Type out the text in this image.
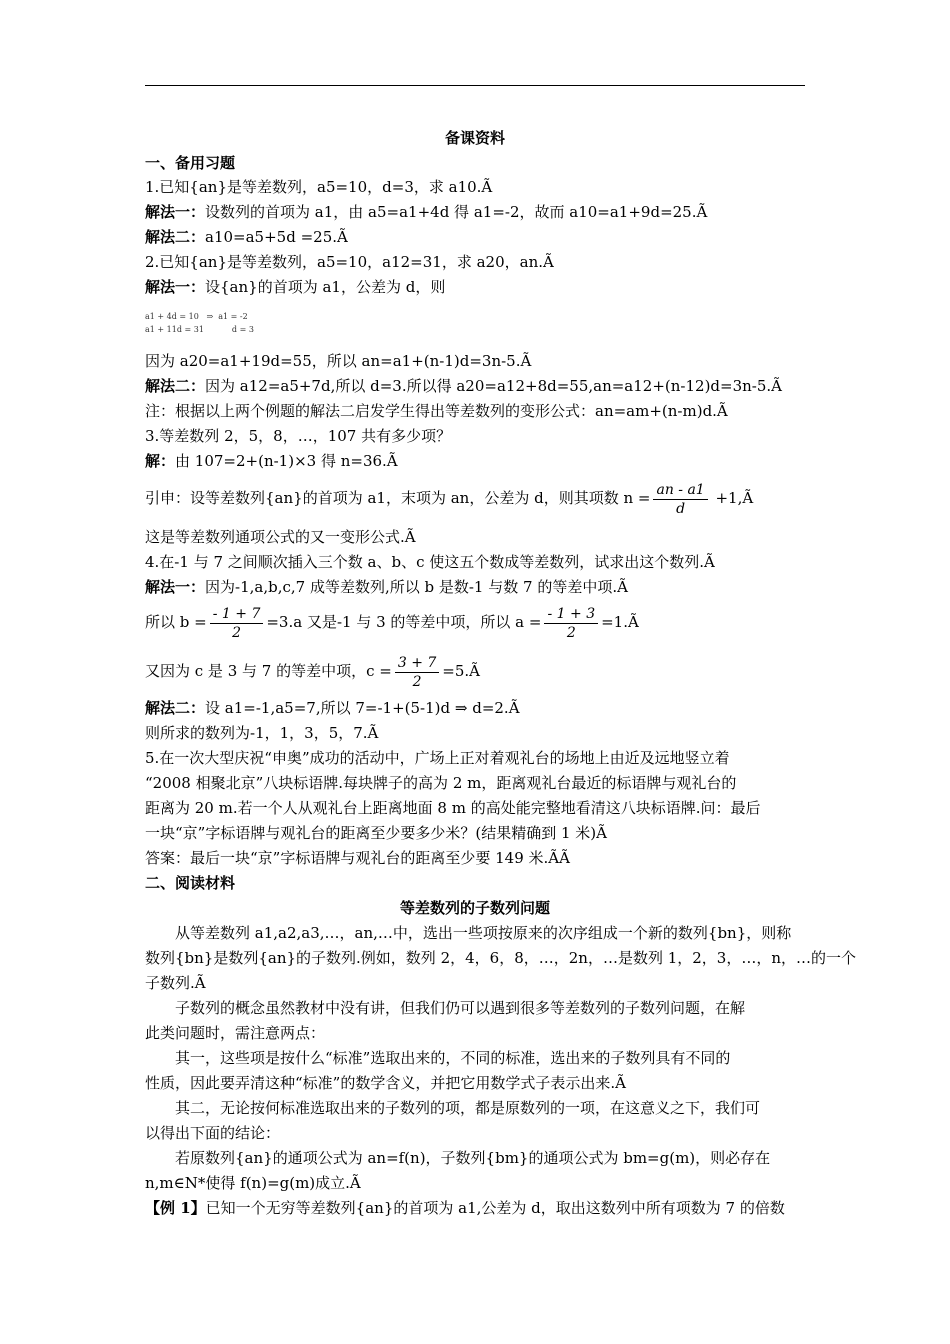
备课资料
一、备用习题
1.已知{an}是等差数列，a5=10，d=3，求 a10.Ã
解法一：设数列的首项为 a1，由 a5=a1+4d 得 a1=-2，故而 a10=a1+9d=25.Ã
解法二：a10=a5+5d =25.Ã
2.已知{an}是等差数列，a5=10，a12=31，求 a20，an.Ã
解法一：设{an}的首项为 a1，公差为 d，则
a1 + 4d = 10 ⇒ a1 = -2
a1 + 11d = 31	d = 3
因为 a20=a1+19d=55，所以 an=a1+(n-1)d=3n-5.Ã
解法二：因为 a12=a5+7d,所以 d=3.所以得 a20=a12+8d=55,an=a12+(n-12)d=3n-5.Ã
注：根据以上两个例题的解法二启发学生得出等差数列的变形公式：an=am+(n-m)d.Ã
3.等差数列 2，5，8，…，107 共有多少项？
解：由 107=2+(n-1)×3 得 n=36.Ã
引申：设等差数列{an}的首项为 a1，末项为 an，公差为 d，则其项数 $n = \frac{an - a1}{d}$ +1,Ã
这是等差数列通项公式的又一变形公式.Ã
4.在-1 与 7 之间顺次插入三个数 a、b、c 使这五个数成等差数列，试求出这个数列.Ã
解法一：因为-1,a,b,c,7 成等差数列,所以 b 是数-1 与数 7 的等差中项.Ã
所以 $b = \frac{- 1 + 7}{2} =3.a$ 又是-1 与 3 的等差中项，所以 $a = \frac{- 1 + 3}{2}$ =1.Ã
又因为 c 是 3 与 7 的等差中项，$c = \frac{3 + 7}{2}$ =5.Ã
解法二：设 a1=-1,a5=7,所以 7=-1+(5-1)d ⇒ d=2.Ã
则所求的数列为-1，1，3，5，7.Ã
5.在一次大型庆祝“申奥”成功的活动中，广场上正对着观礼台的场地上由近及远地竖立着
“2008 相聚北京”八块标语牌.每块牌子的高为 2 m，距离观礼台最近的标语牌与观礼台的
距离为 20 m.若一个人从观礼台上距离地面 8 m 的高处能完整地看清这八块标语牌.问：最后
一块“京”字标语牌与观礼台的距离至少要多少米？(结果精确到 1 米)Ã
答案：最后一块“京”字标语牌与观礼台的距离至少要 149 米.ÃÃ
二、阅读材料
等差数列的子数列问题
　　从等差数列 a1,a2,a3,…，an,…中，选出一些项按原来的次序组成一个新的数列{bn}，则称
数列{bn}是数列{an}的子数列.例如，数列 2，4，6，8，…，2n，…是数列 1，2，3，…，n，…的一个
子数列.Ã
　　子数列的概念虽然教材中没有讲，但我们仍可以遇到很多等差数列的子数列问题，在解
此类问题时，需注意两点：
　　其一，这些项是按什么“标准”选取出来的，不同的标准，选出来的子数列具有不同的
性质，因此要弄清这种“标准”的数学含义，并把它用数学式子表示出来.Ã
　　其二，无论按何标准选取出来的子数列的项，都是原数列的一项，在这意义之下，我们可
以得出下面的结论：
　　若原数列{an}的通项公式为 an=f(n)，子数列{bm}的通项公式为 bm=g(m)，则必存在
n,m∈N*使得 f(n)=g(m)成立.Ã
【例 1】已知一个无穷等差数列{an}的首项为 a1,公差为 d，取出这数列中所有项数为 7 的倍数
